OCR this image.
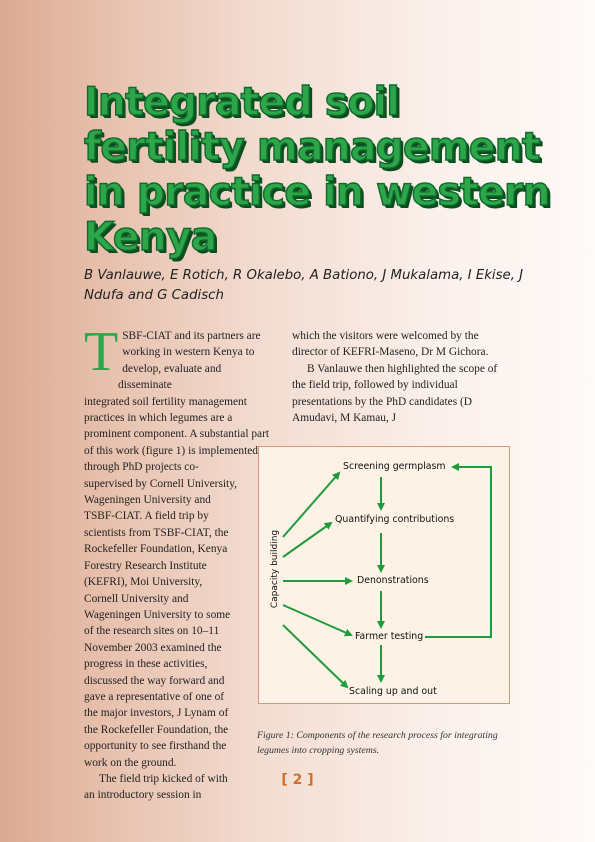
Integrated soil fertility management in practice in western Kenya

B Vanlauwe, E Rotich, R Okalebo, A Bationo, J Mukalama, I Ekise, J Ndufa and G Cadisch

T SBF-CIAT and its partners are working in western Kenya to develop, evaluate and disseminate

integrated soil fertility management practices in which legumes are a prominent component. A substantial part of this work (figure 1) is implemented

through PhD projects co-supervised by Cornell University, Wageningen University and TSBF-CIAT. A field trip by scientists from TSBF-CIAT, the Rockefeller Foundation, Kenya Forestry Research Institute (KEFRI), Moi University, Cornell University and Wageningen University to some of the research sites on 10–11 November 2003 examined the progress in these activities, discussed the way forward and gave a representative of one of the major investors, J Lynam of the Rockefeller Foundation, the opportunity to see firsthand the work on the ground.

The field trip kicked of with an introductory session in

which the visitors were welcomed by the director of KEFRI-Maseno, Dr M Gichora.

B Vanlauwe then highlighted the scope of the field trip, followed by individual presentations by the PhD candidates (D Amudavi, M Kamau, J

Capacity building
Screening germplasm
Quantifying contributions
Denonstrations
Farmer testing
Scaling up and out

Figure 1: Components of the research process for integrating legumes into cropping systems.

[ 2 ]
